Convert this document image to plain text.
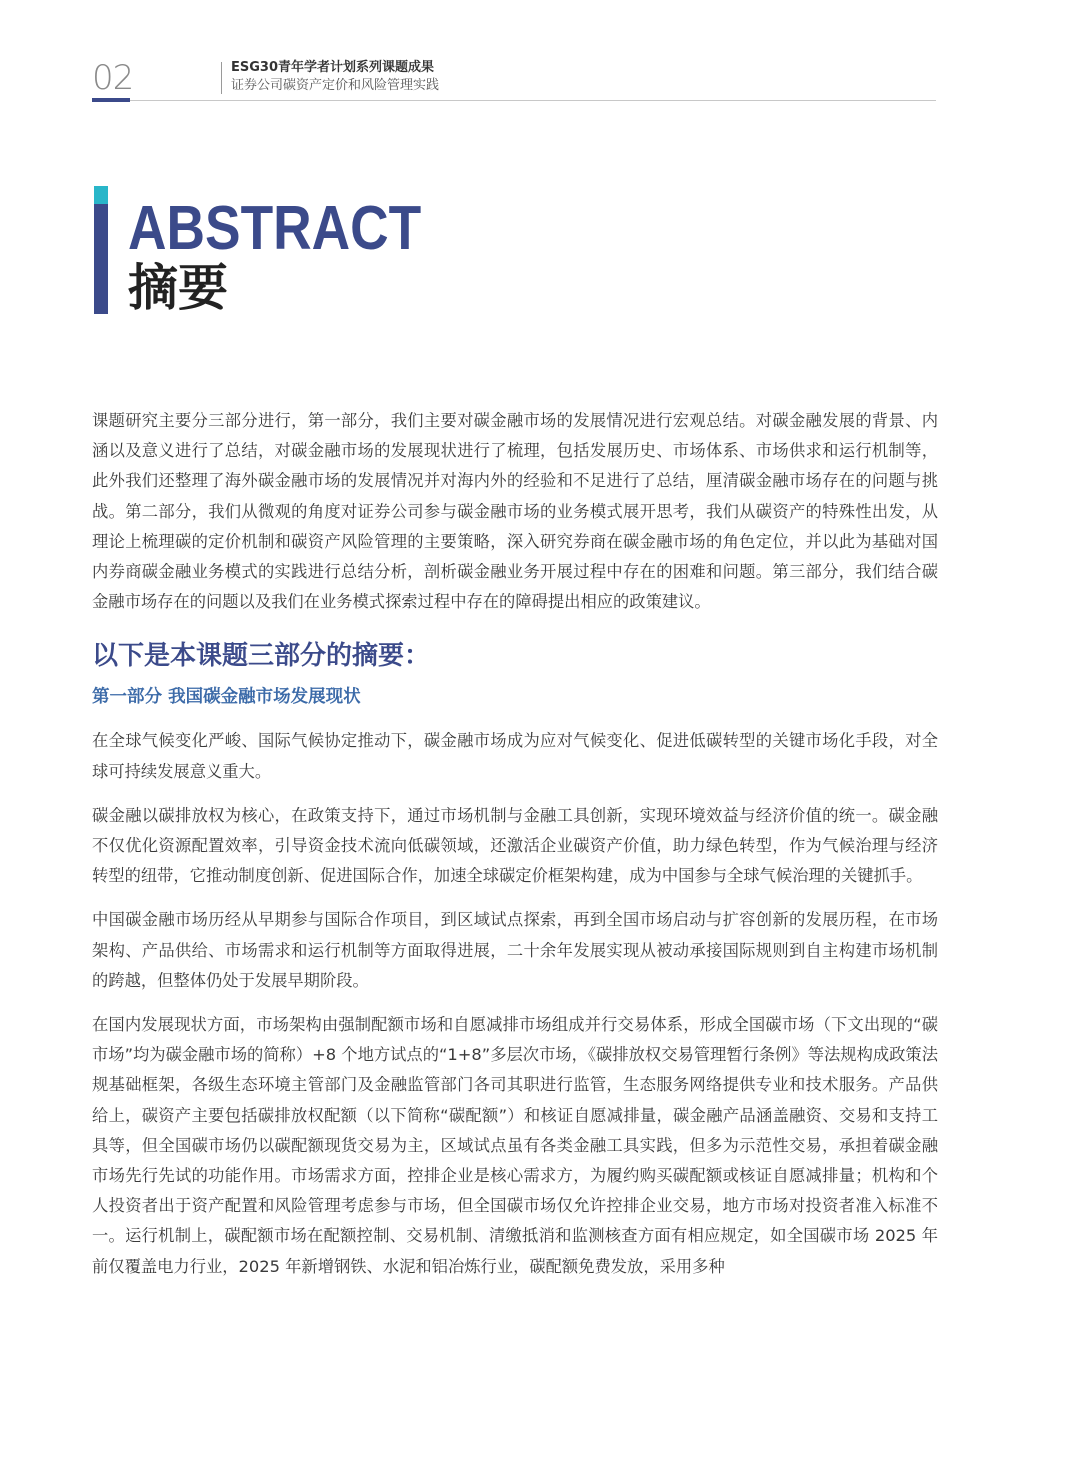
02	ESG30青年学者计划系列课题成果
证券公司碳资产定价和风险管理实践
ABSTRACT
摘要

课题研究主要分三部分进行，第一部分，我们主要对碳金融市场的发展情况进行宏观总结。对碳金融发展的背景、内涵以及意义进行了总结，对碳金融市场的发展现状进行了梳理，包括发展历史、市场体系、市场供求和运行机制等，此外我们还整理了海外碳金融市场的发展情况并对海内外的经验和不足进行了总结，厘清碳金融市场存在的问题与挑战。第二部分，我们从微观的角度对证券公司参与碳金融市场的业务模式展开思考，我们从碳资产的特殊性出发，从理论上梳理碳的定价机制和碳资产风险管理的主要策略，深入研究券商在碳金融市场的角色定位，并以此为基础对国内券商碳金融业务模式的实践进行总结分析，剖析碳金融业务开展过程中存在的困难和问题。第三部分，我们结合碳金融市场存在的问题以及我们在业务模式探索过程中存在的障碍提出相应的政策建议。

以下是本课题三部分的摘要：
第一部分 我国碳金融市场发展现状

在全球气候变化严峻、国际气候协定推动下，碳金融市场成为应对气候变化、促进低碳转型的关键市场化手段，对全球可持续发展意义重大。

碳金融以碳排放权为核心，在政策支持下，通过市场机制与金融工具创新，实现环境效益与经济价值的统一。碳金融不仅优化资源配置效率，引导资金技术流向低碳领域，还激活企业碳资产价值，助力绿色转型，作为气候治理与经济转型的纽带，它推动制度创新、促进国际合作，加速全球碳定价框架构建，成为中国参与全球气候治理的关键抓手。

中国碳金融市场历经从早期参与国际合作项目，到区域试点探索，再到全国市场启动与扩容创新的发展历程，在市场架构、产品供给、市场需求和运行机制等方面取得进展，二十余年发展实现从被动承接国际规则到自主构建市场机制的跨越，但整体仍处于发展早期阶段。

在国内发展现状方面，市场架构由强制配额市场和自愿减排市场组成并行交易体系，形成全国碳市场（下文出现的“碳市场”均为碳金融市场的简称）+8 个地方试点的“1+8”多层次市场，《碳排放权交易管理暂行条例》等法规构成政策法规基础框架，各级生态环境主管部门及金融监管部门各司其职进行监管，生态服务网络提供专业和技术服务。产品供给上，碳资产主要包括碳排放权配额（以下简称“碳配额”）和核证自愿减排量，碳金融产品涵盖融资、交易和支持工具等，但全国碳市场仍以碳配额现货交易为主，区域试点虽有各类金融工具实践，但多为示范性交易，承担着碳金融市场先行先试的功能作用。市场需求方面，控排企业是核心需求方，为履约购买碳配额或核证自愿减排量；机构和个人投资者出于资产配置和风险管理考虑参与市场，但全国碳市场仅允许控排企业交易，地方市场对投资者准入标准不一。运行机制上，碳配额市场在配额控制、交易机制、清缴抵消和监测核查方面有相应规定，如全国碳市场 2025 年前仅覆盖电力行业，2025 年新增钢铁、水泥和铝冶炼行业，碳配额免费发放，采用多种
